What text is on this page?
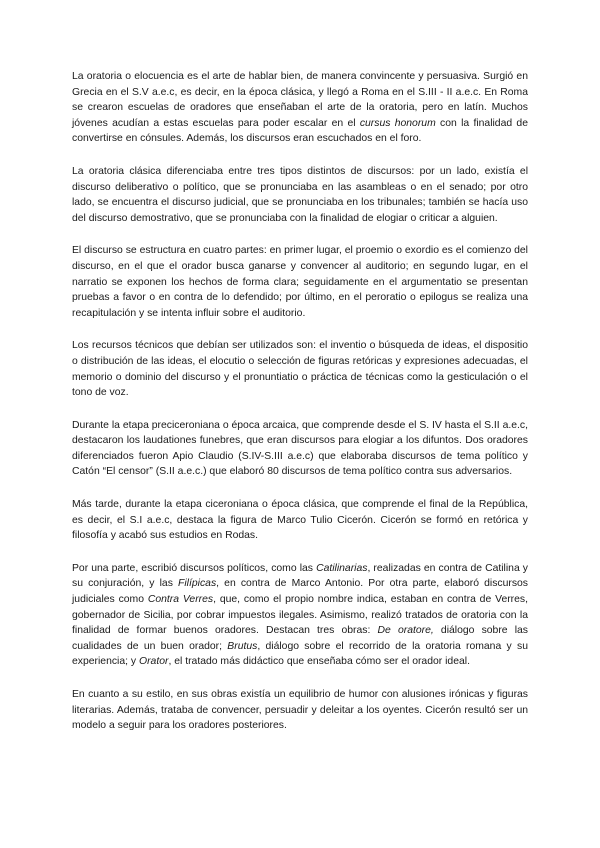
La oratoria o elocuencia es el arte de hablar bien, de manera convincente y persuasiva. Surgió en Grecia en el S.V a.e.c, es decir, en la época clásica, y llegó a Roma en el S.III - II a.e.c. En Roma se crearon escuelas de oradores que enseñaban el arte de la oratoria, pero en latín. Muchos jóvenes acudían a estas escuelas para poder escalar en el cursus honorum con la finalidad de convertirse en cónsules. Además, los discursos eran escuchados en el foro.

La oratoria clásica diferenciaba entre tres tipos distintos de discursos: por un lado, existía el discurso deliberativo o político, que se pronunciaba en las asambleas o en el senado; por otro lado, se encuentra el discurso judicial, que se pronunciaba en los tribunales; también se hacía uso del discurso demostrativo, que se pronunciaba con la finalidad de elogiar o criticar a alguien.

El discurso se estructura en cuatro partes: en primer lugar, el proemio o exordio es el comienzo del discurso, en el que el orador busca ganarse y convencer al auditorio; en segundo lugar, en el narratio se exponen los hechos de forma clara; seguidamente en el argumentatio se presentan pruebas a favor o en contra de lo defendido; por último, en el peroratio o epilogus se realiza una recapitulación y se intenta influir sobre el auditorio.

Los recursos técnicos que debían ser utilizados son: el inventio o búsqueda de ideas, el dispositio o distribución de las ideas, el elocutio o selección de figuras retóricas y expresiones adecuadas, el memorio o dominio del discurso y el pronuntiatio o práctica de técnicas como la gesticulación o el tono de voz.

Durante la etapa preciceroniana o época arcaica, que comprende desde el S. IV hasta el S.II a.e.c, destacaron los laudationes funebres, que eran discursos para elogiar a los difuntos. Dos oradores diferenciados fueron Apio Claudio (S.IV-S.III a.e.c) que elaboraba discursos de tema político y Catón “El censor” (S.II a.e.c.) que elaboró 80 discursos de tema político contra sus adversarios.

Más tarde, durante la etapa ciceroniana o época clásica, que comprende el final de la República, es decir, el S.I a.e.c, destaca la figura de Marco Tulio Cicerón. Cicerón se formó en retórica y filosofía y acabó sus estudios en Rodas.

Por una parte, escribió discursos políticos, como las Catilinarias, realizadas en contra de Catilina y su conjuración, y las Filípicas, en contra de Marco Antonio. Por otra parte, elaboró discursos judiciales como Contra Verres, que, como el propio nombre indica, estaban en contra de Verres, gobernador de Sicilia, por cobrar impuestos ilegales. Asimismo, realizó tratados de oratoria con la finalidad de formar buenos oradores. Destacan tres obras: De oratore, diálogo sobre las cualidades de un buen orador; Brutus, diálogo sobre el recorrido de la oratoria romana y su experiencia; y Orator, el tratado más didáctico que enseñaba cómo ser el orador ideal.

En cuanto a su estilo, en sus obras existía un equilibrio de humor con alusiones irónicas y figuras literarias. Además, trataba de convencer, persuadir y deleitar a los oyentes. Cicerón resultó ser un modelo a seguir para los oradores posteriores.
